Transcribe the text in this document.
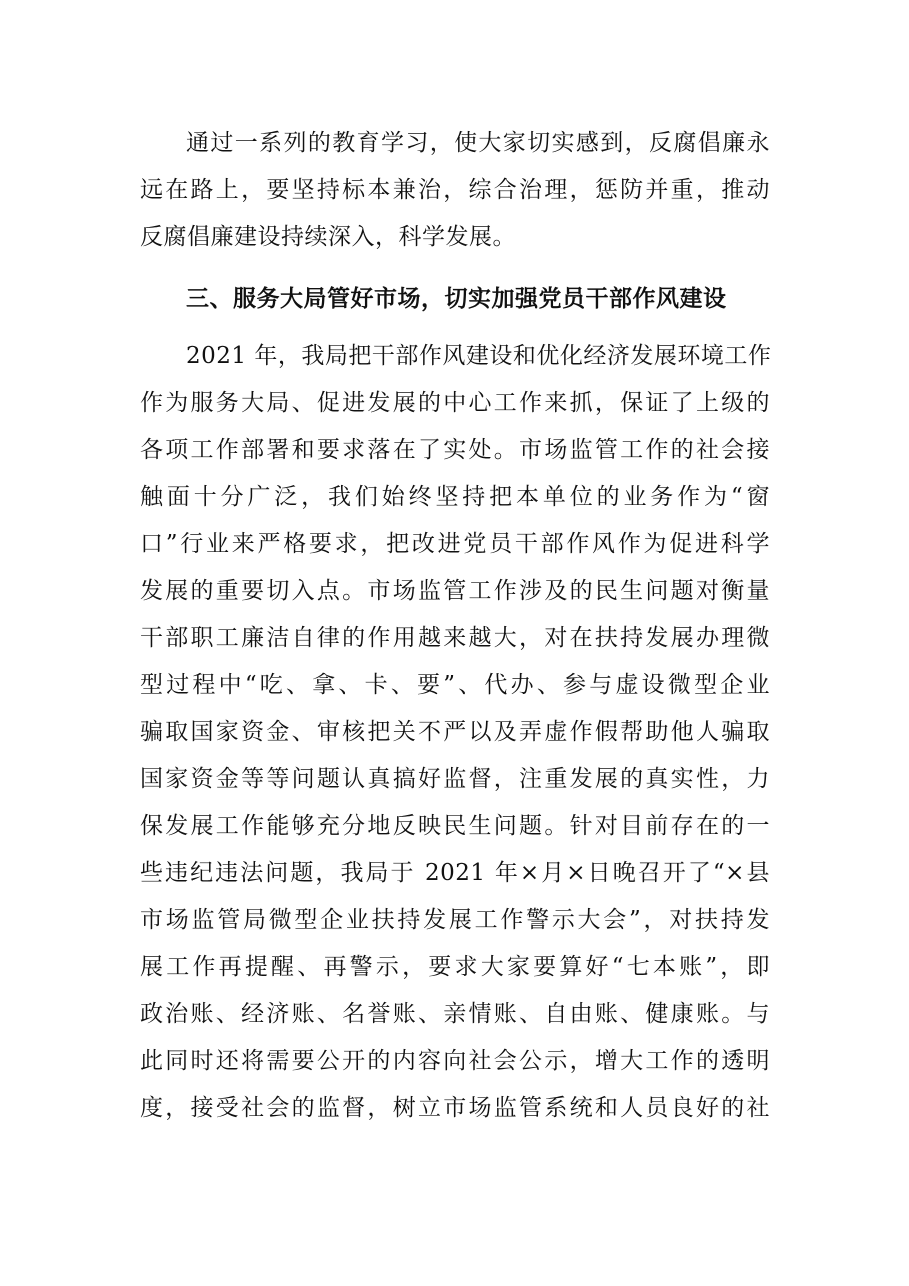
通过一系列的教育学习，使大家切实感到，反腐倡廉永
远在路上，要坚持标本兼治，综合治理，惩防并重，推动
反腐倡廉建设持续深入，科学发展。
三、服务大局管好市场，切实加强党员干部作风建设
2021 年，我局把干部作风建设和优化经济发展环境工作
作为服务大局、促进发展的中心工作来抓，保证了上级的
各项工作部署和要求落在了实处。市场监管工作的社会接
触面十分广泛，我们始终坚持把本单位的业务作为“窗
口”行业来严格要求，把改进党员干部作风作为促进科学
发展的重要切入点。市场监管工作涉及的民生问题对衡量
干部职工廉洁自律的作用越来越大，对在扶持发展办理微
型过程中“吃、拿、卡、要”、代办、参与虚设微型企业
骗取国家资金、审核把关不严以及弄虚作假帮助他人骗取
国家资金等等问题认真搞好监督，注重发展的真实性，力
保发展工作能够充分地反映民生问题。针对目前存在的一
些违纪违法问题，我局于 2021 年×月×日晚召开了“×县
市场监管局微型企业扶持发展工作警示大会”，对扶持发
展工作再提醒、再警示，要求大家要算好“七本账”，即
政治账、经济账、名誉账、亲情账、自由账、健康账。与
此同时还将需要公开的内容向社会公示，增大工作的透明
度，接受社会的监督，树立市场监管系统和人员良好的社
